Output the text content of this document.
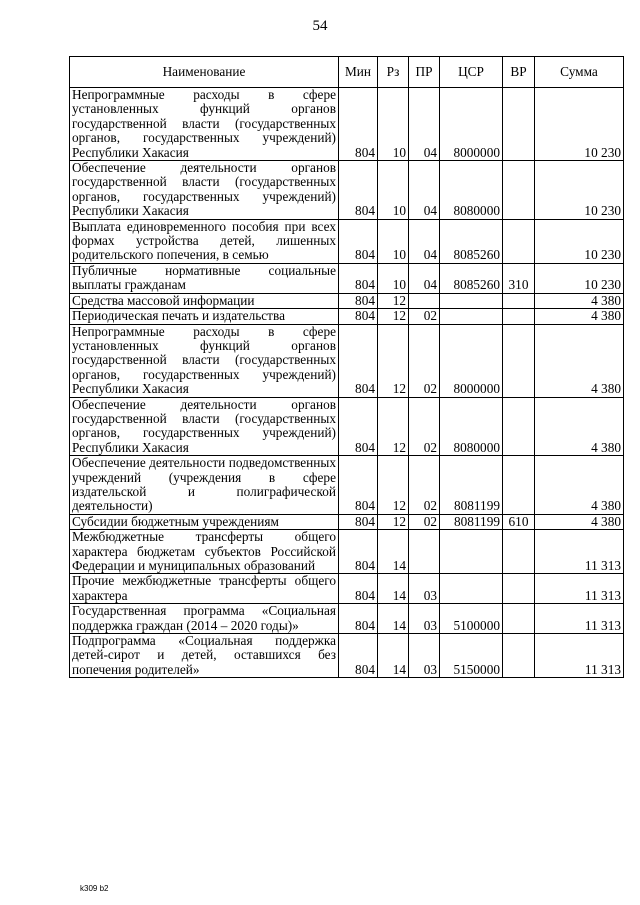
54
Наименование	Мин	Рз	ПР	ЦСР	ВР	Сумма
Непрограммные расходы в сфере установленных функций органов государственной власти (государственных органов, государственных учреждений) Республики Хакасия	804	10	04	8000000		10 230
Обеспечение деятельности органов государственной власти (государственных органов, государственных учреждений) Республики Хакасия	804	10	04	8080000		10 230
Выплата единовременного пособия при всех формах устройства детей, лишенных родительского попечения, в семью	804	10	04	8085260		10 230
Публичные нормативные социальные выплаты гражданам	804	10	04	8085260	310	10 230
Средства массовой информации	804	12				4 380
Периодическая печать и издательства	804	12	02			4 380
Непрограммные расходы в сфере установленных функций органов государственной власти (государственных органов, государственных учреждений) Республики Хакасия	804	12	02	8000000		4 380
Обеспечение деятельности органов государственной власти (государственных органов, государственных учреждений) Республики Хакасия	804	12	02	8080000		4 380
Обеспечение деятельности подведомственных учреждений (учреждения в сфере издательской и полиграфической деятельности)	804	12	02	8081199		4 380
Субсидии бюджетным учреждениям	804	12	02	8081199	610	4 380
Межбюджетные трансферты общего характера бюджетам субъектов Российской Федерации и муниципальных образований	804	14				11 313
Прочие межбюджетные трансферты общего характера	804	14	03			11 313
Государственная программа «Социальная поддержка граждан (2014 – 2020 годы)»	804	14	03	5100000		11 313
Подпрограмма «Социальная поддержка детей-сирот и детей, оставшихся без попечения родителей»	804	14	03	5150000		11 313
k309 b2
